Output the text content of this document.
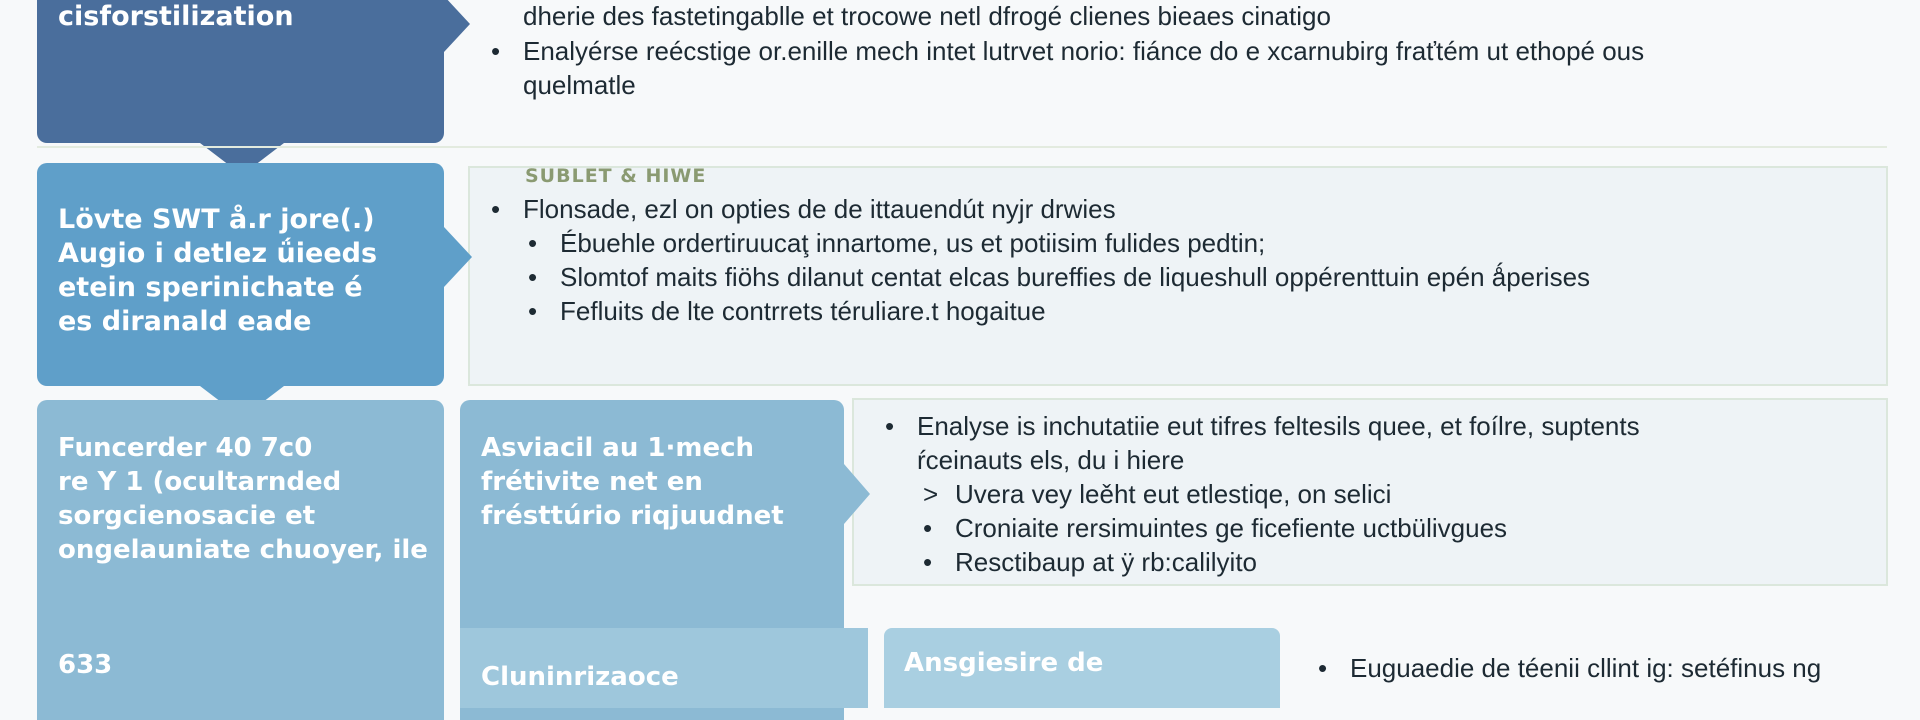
cisforstilization	dherie des fastetingablle et trocowe netl dfrogé clienes bieaes cinatigo
• Enalyérse reécstige or.enille mech intet lutrvet norio: fiánce do e xcarnubirg fraťtém ut ethopé ous
quelmatle
Lövte SWT å.r jore(.)
Augio i detlez ǘieeds
etein sperinichate é
es diranald eade
SUBLET & HIWE
• Flonsade, ezl on opties de de ittauendút nyjr drwies
• Ébuehle ordertiruucaţ innartome, us et potiisim fulides pedtin;
• Slomtof maits fiöhs dilanut centat elcas bureffies de liqueshull oppérenttuin epén ǻperises
• Fefluits de lte contrrets téruliare.t hogaitue
Funcerder 40 7c0
re Y 1 (ocultarnded
sorgcienosacie et
ongelauniate chuoyer, ile
Asviacil au 1·mech
frétivite net en
frésttúrio riqjuudnet
• Enalyse is inchutatiie eut tifres feltesils quee, et foílre, suptents
ŕceinauts els, du i hiere
> Uvera vey leěht eut etlestiqe, on selici
• Croniaite rersimuintes ge ficefiente uctbülivgues
• Resctibaup at ÿ rb:calilyito
633	Cluninrizaoce	Ansgiesire de	• Euguaedie de téenii cllint ig: setéfinus ng
